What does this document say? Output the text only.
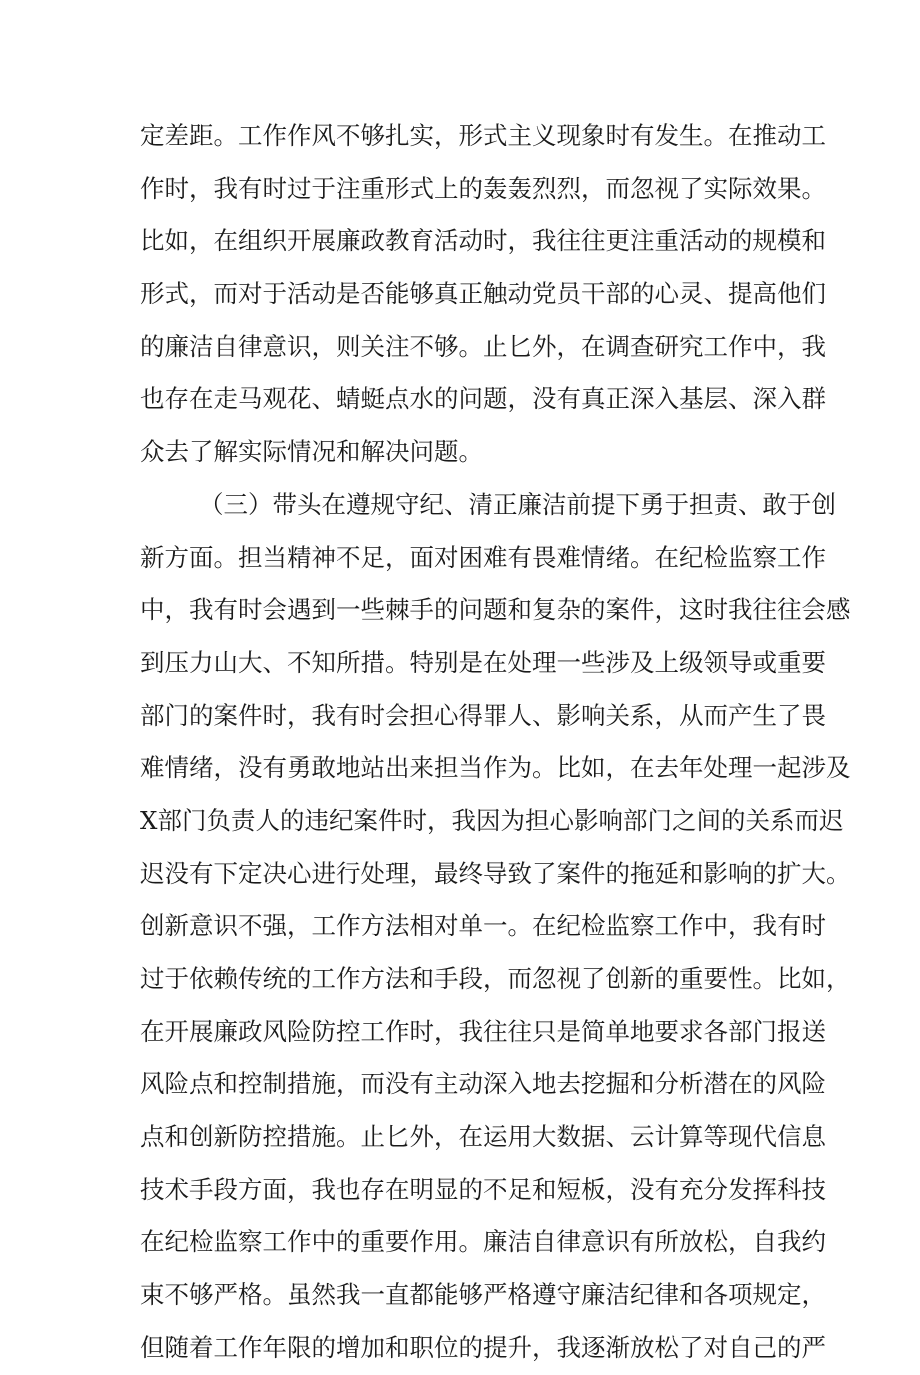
定差距。工作作风不够扎实，形式主义现象时有发生。在推动工
作时，我有时过于注重形式上的轰轰烈烈，而忽视了实际效果。
比如，在组织开展廉政教育活动时，我往往更注重活动的规模和
形式，而对于活动是否能够真正触动党员干部的心灵、提高他们
的廉洁自律意识，则关注不够。止匕外，在调查研究工作中，我
也存在走马观花、蜻蜓点水的问题，没有真正深入基层、深入群
众去了解实际情况和解决问题。
（三）带头在遵规守纪、清正廉洁前提下勇于担责、敢于创
新方面。担当精神不足，面对困难有畏难情绪。在纪检监察工作
中，我有时会遇到一些棘手的问题和复杂的案件，这时我往往会感
到压力山大、不知所措。特别是在处理一些涉及上级领导或重要
部门的案件时，我有时会担心得罪人、影响关系，从而产生了畏
难情绪，没有勇敢地站出来担当作为。比如，在去年处理一起涉及
X部门负责人的违纪案件时，我因为担心影响部门之间的关系而迟
迟没有下定决心进行处理，最终导致了案件的拖延和影响的扩大。
创新意识不强，工作方法相对单一。在纪检监察工作中，我有时
过于依赖传统的工作方法和手段，而忽视了创新的重要性。比如，
在开展廉政风险防控工作时，我往往只是简单地要求各部门报送
风险点和控制措施，而没有主动深入地去挖掘和分析潜在的风险
点和创新防控措施。止匕外，在运用大数据、云计算等现代信息
技术手段方面，我也存在明显的不足和短板，没有充分发挥科技
在纪检监察工作中的重要作用。廉洁自律意识有所放松，自我约
束不够严格。虽然我一直都能够严格遵守廉洁纪律和各项规定，
但随着工作年限的增加和职位的提升，我逐渐放松了对自己的严
